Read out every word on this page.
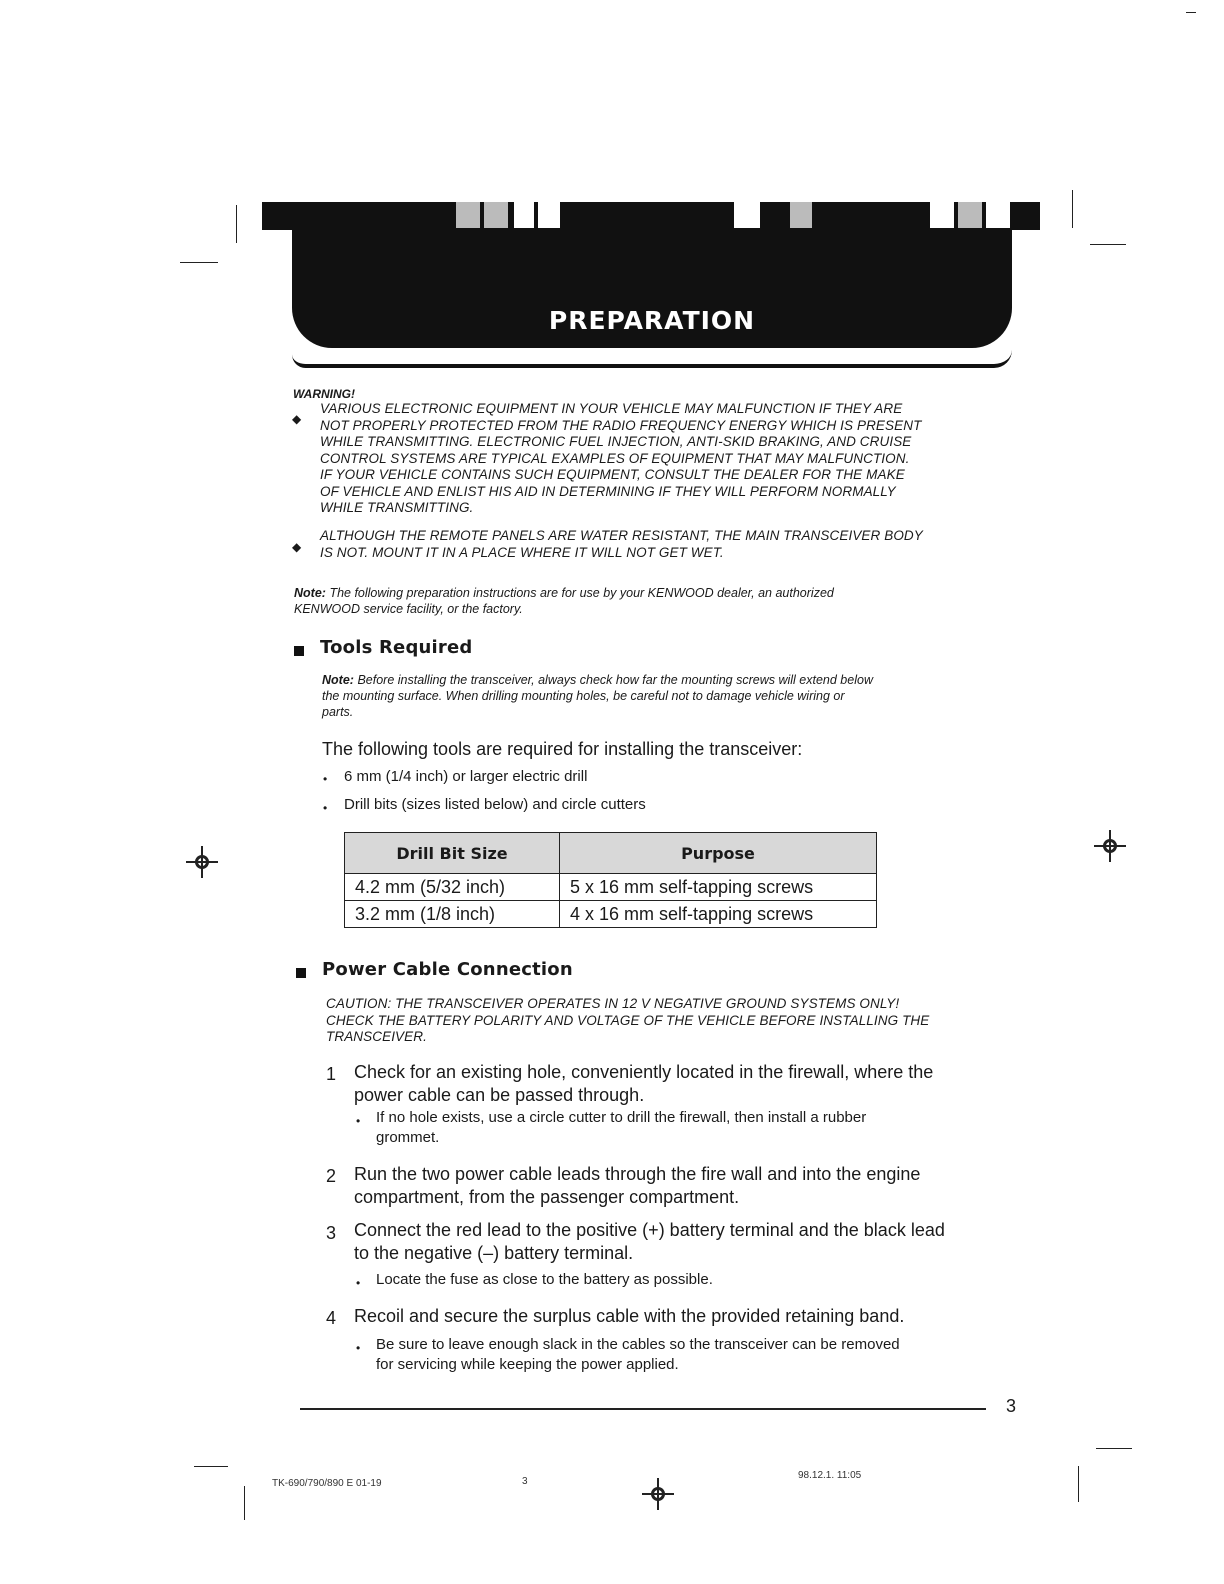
PREPARATION
WARNING!
◆
VARIOUS ELECTRONIC EQUIPMENT IN YOUR VEHICLE MAY MALFUNCTION IF THEY ARE
NOT PROPERLY PROTECTED FROM THE RADIO FREQUENCY ENERGY WHICH IS PRESENT
WHILE TRANSMITTING. ELECTRONIC FUEL INJECTION, ANTI-SKID BRAKING, AND CRUISE
CONTROL SYSTEMS ARE TYPICAL EXAMPLES OF EQUIPMENT THAT MAY MALFUNCTION.
IF YOUR VEHICLE CONTAINS SUCH EQUIPMENT, CONSULT THE DEALER FOR THE MAKE
OF VEHICLE AND ENLIST HIS AID IN DETERMINING IF THEY WILL PERFORM NORMALLY
WHILE TRANSMITTING.
◆
ALTHOUGH THE REMOTE PANELS ARE WATER RESISTANT, THE MAIN TRANSCEIVER BODY
IS NOT. MOUNT IT IN A PLACE WHERE IT WILL NOT GET WET.
Note: The following preparation instructions are for use by your KENWOOD dealer, an authorized
KENWOOD service facility, or the factory.
Tools Required
Note: Before installing the transceiver, always check how far the mounting screws will extend below
the mounting surface. When drilling mounting holes, be careful not to damage vehicle wiring or
parts.
The following tools are required for installing the transceiver:
• 6 mm (1/4 inch) or larger electric drill
• Drill bits (sizes listed below) and circle cutters
Drill Bit Size	Purpose
4.2 mm (5/32 inch)	5 x 16 mm self-tapping screws
3.2 mm (1/8 inch)	4 x 16 mm self-tapping screws
Power Cable Connection
CAUTION: THE TRANSCEIVER OPERATES IN 12 V NEGATIVE GROUND SYSTEMS ONLY!
CHECK THE BATTERY POLARITY AND VOLTAGE OF THE VEHICLE BEFORE INSTALLING THE
TRANSCEIVER.
1 Check for an existing hole, conveniently located in the firewall, where the
power cable can be passed through.
• If no hole exists, use a circle cutter to drill the firewall, then install a rubber
grommet.
2 Run the two power cable leads through the fire wall and into the engine
compartment, from the passenger compartment.
3 Connect the red lead to the positive (+) battery terminal and the black lead
to the negative (–) battery terminal.
• Locate the fuse as close to the battery as possible.
4 Recoil and secure the surplus cable with the provided retaining band.
• Be sure to leave enough slack in the cables so the transceiver can be removed
for servicing while keeping the power applied.
3
TK-690/790/890 E 01-19	3
98.12.1. 11:05
